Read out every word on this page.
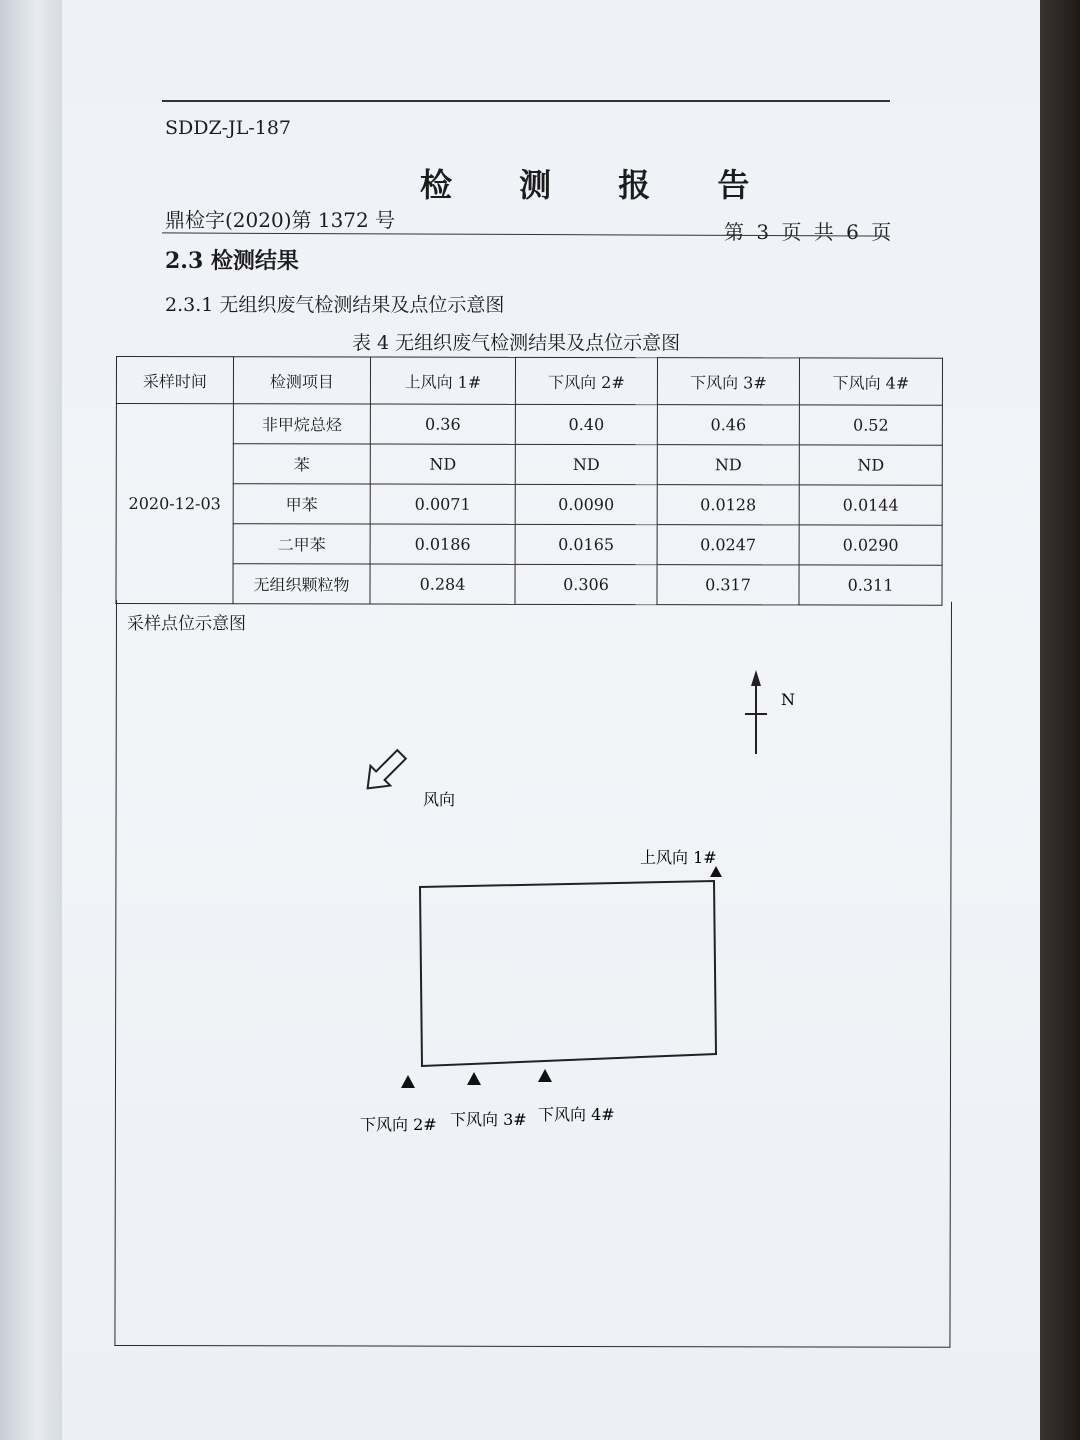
SDDZ-JL-187
检 测 报 告
鼎检字(2020)第 1372 号	第 3 页 共 6 页
2.3 检测结果
2.3.1 无组织废气检测结果及点位示意图
表 4 无组织废气检测结果及点位示意图
采样时间	检测项目	上风向 1#	下风向 2#	下风向 3#	下风向 4#
2020-12-03	非甲烷总烃	0.36	0.40	0.46	0.52
	苯	ND	ND	ND	ND
	甲苯	0.0071	0.0090	0.0128	0.0144
	二甲苯	0.0186	0.0165	0.0247	0.0290
	无组织颗粒物	0.284	0.306	0.317	0.311
采样点位示意图
N
风向
上风向 1#
下风向 2# 下风向 3# 下风向 4#
